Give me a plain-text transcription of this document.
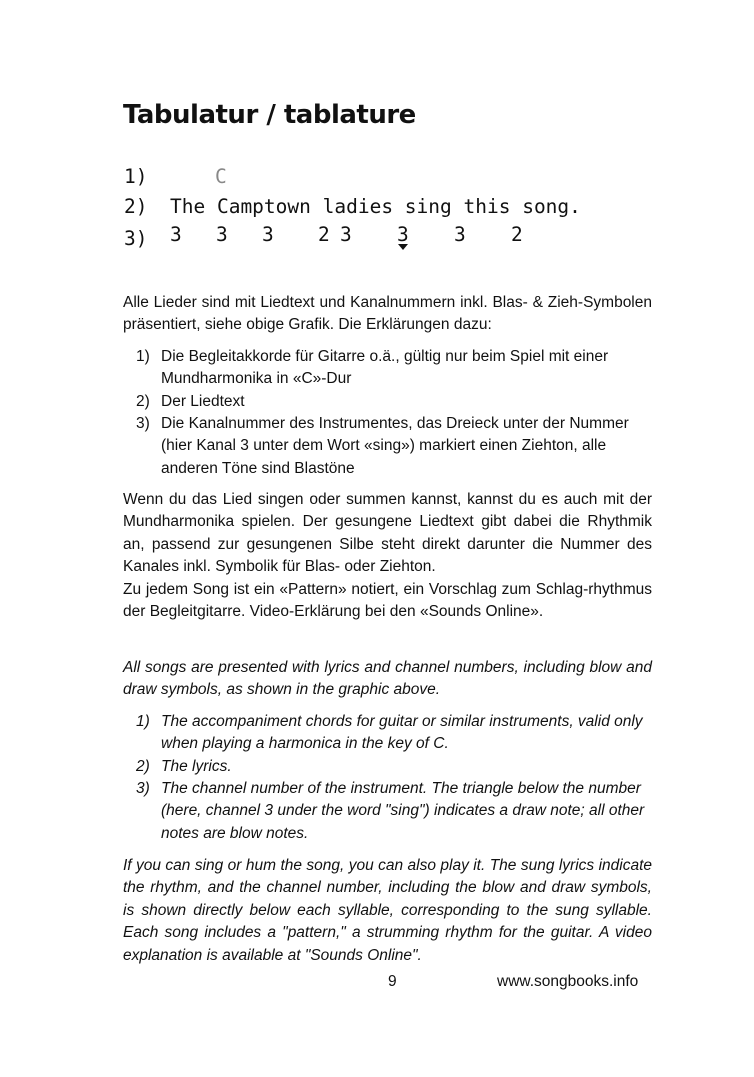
Tabulatur / tablature

1)

	C

2)

The Camptown ladies sing this song.

3)

3

3

3

2

3

3

3

2

Alle Lieder sind mit Liedtext und Kanalnummern inkl. Blas- & Zieh-Symbolen präsentiert, siehe obige Grafik. Die Erklärungen dazu:

1) Die Begleitakkorde für Gitarre o.ä., gültig nur beim Spiel mit einer Mundharmonika in «C»-Dur
2) Der Liedtext
3) Die Kanalnummer des Instrumentes, das Dreieck unter der Nummer (hier Kanal 3 unter dem Wort «sing») markiert einen Ziehton, alle anderen Töne sind Blastöne

Wenn du das Lied singen oder summen kannst, kannst du es auch mit der Mundharmonika spielen. Der gesungene Liedtext gibt dabei die Rhythmik an, passend zur gesungenen Silbe steht direkt darunter die Nummer des Kanales inkl. Symbolik für Blas- oder Ziehton.

Zu jedem Song ist ein «Pattern» notiert, ein Vorschlag zum Schlag-rhythmus der Begleitgitarre. Video-Erklärung bei den «Sounds Online».

All songs are presented with lyrics and channel numbers, including blow and draw symbols, as shown in the graphic above.

1) The accompaniment chords for guitar or similar instruments, valid only when playing a harmonica in the key of C.
2) The lyrics.
3) The channel number of the instrument. The triangle below the number (here, channel 3 under the word "sing") indicates a draw note; all other notes are blow notes.

If you can sing or hum the song, you can also play it. The sung lyrics indicate the rhythm, and the channel number, including the blow and draw symbols, is shown directly below each syllable, corresponding to the sung syllable. Each song includes a "pattern," a strumming rhythm for the guitar. A video explanation is available at "Sounds Online".

9	www.songbooks.info
